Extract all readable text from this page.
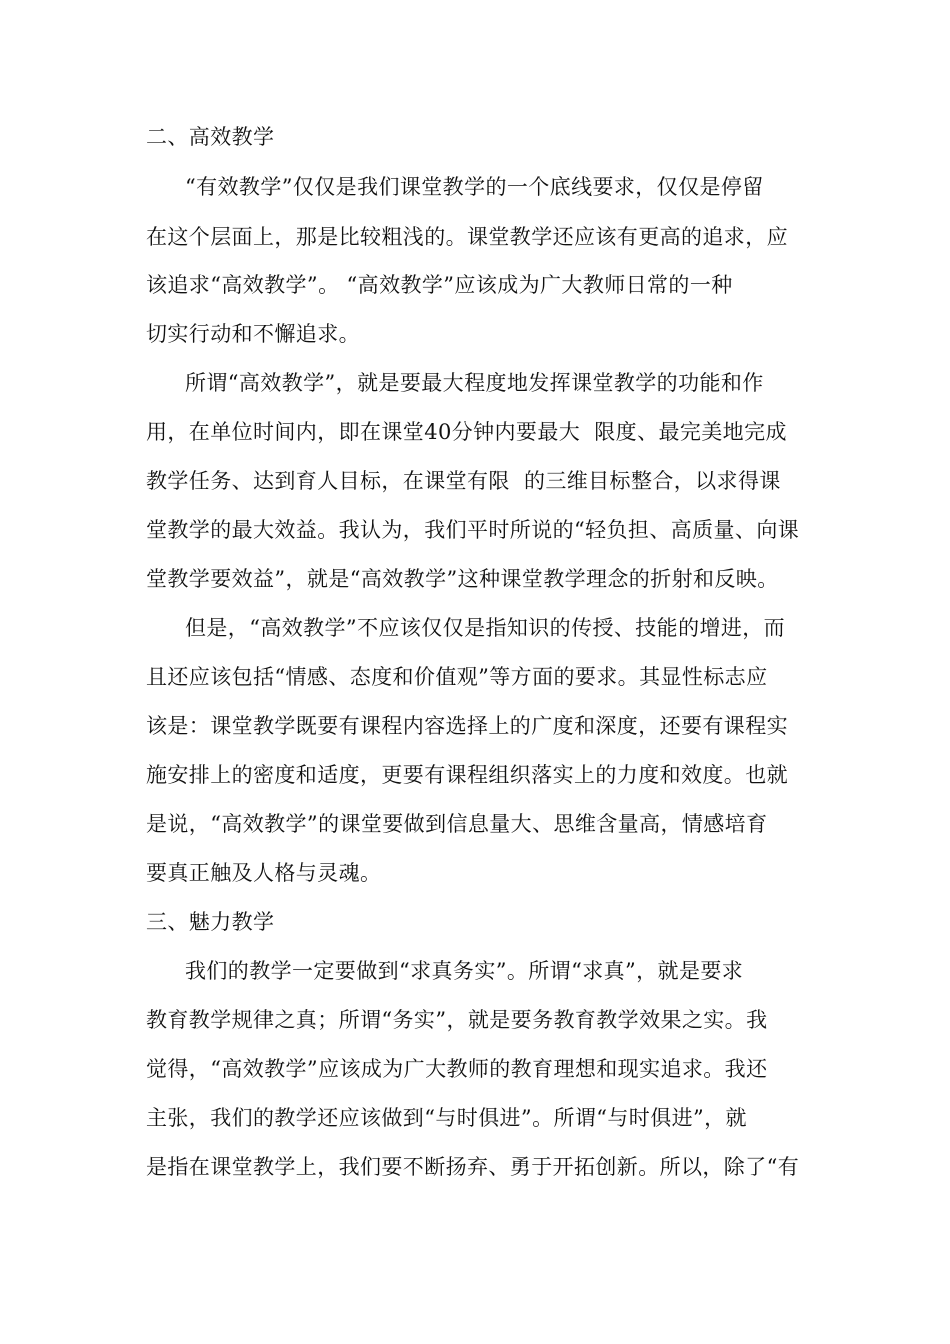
二、高效教学
“有效教学”仅仅是我们课堂教学的一个底线要求，仅仅是停留
在这个层面上，那是比较粗浅的。课堂教学还应该有更高的追求，应
该追求“高效教学”。 “高效教学”应该成为广大教师日常的一种
切实行动和不懈追求。
所谓“高效教学”，就是要最大程度地发挥课堂教学的功能和作
用，在单位时间内，即在课堂40分钟内要最大  限度、最完美地完成
教学任务、达到育人目标，在课堂有限  的三维目标整合，以求得课
堂教学的最大效益。我认为，我们平时所说的“轻负担、高质量、向课
堂教学要效益”，就是“高效教学”这种课堂教学理念的折射和反映。
但是，“高效教学”不应该仅仅是指知识的传授、技能的增进，而
且还应该包括“情感、态度和价值观”等方面的要求。其显性标志应
该是：课堂教学既要有课程内容选择上的广度和深度，还要有课程实
施安排上的密度和适度，更要有课程组织落实上的力度和效度。也就
是说，“高效教学”的课堂要做到信息量大、思维含量高，情感培育
要真正触及人格与灵魂。
三、魅力教学
我们的教学一定要做到“求真务实”。所谓“求真”，就是要求
教育教学规律之真；所谓“务实”，就是要务教育教学效果之实。我
觉得，“高效教学”应该成为广大教师的教育理想和现实追求。我还
主张，我们的教学还应该做到“与时俱进”。所谓“与时俱进”，就
是指在课堂教学上，我们要不断扬弃、勇于开拓创新。所以，除了“有
